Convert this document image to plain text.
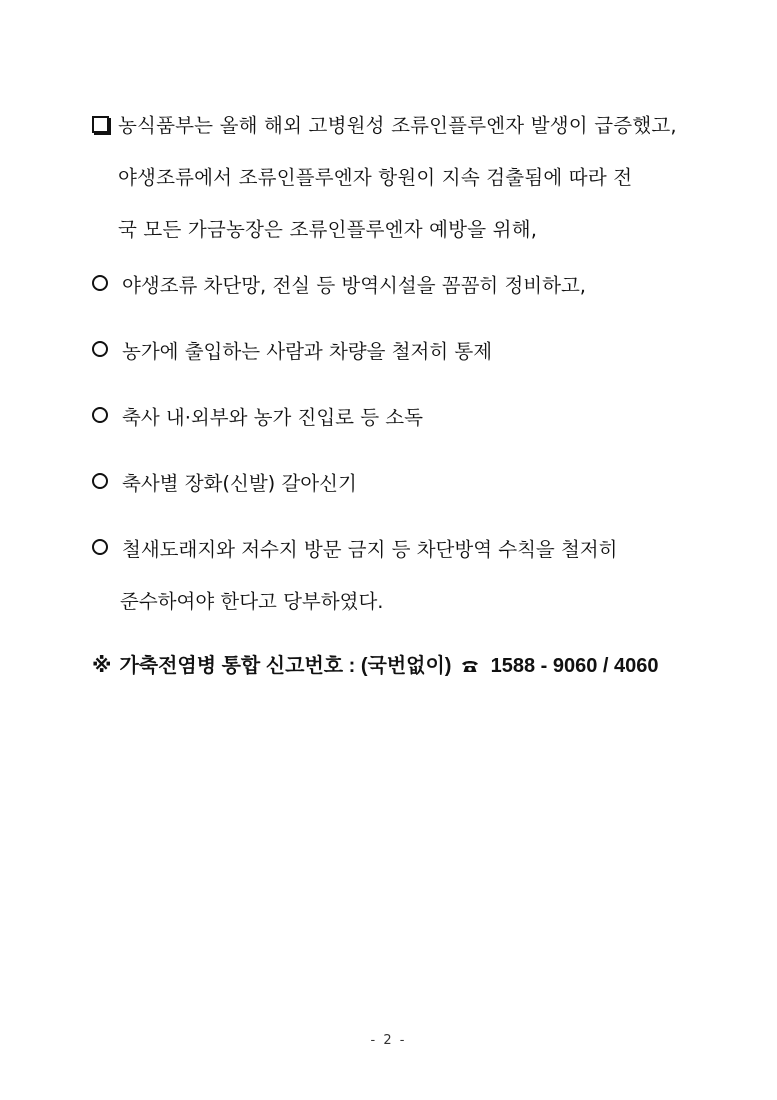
농식품부는 올해 해외 고병원성 조류인플루엔자 발생이 급증했고,
야생조류에서 조류인플루엔자 항원이 지속 검출됨에 따라 전
국 모든 가금농장은 조류인플루엔자 예방을 위해,
야생조류 차단망, 전실 등 방역시설을 꼼꼼히 정비하고,
농가에 출입하는 사람과 차량을 철저히 통제
축사 내·외부와 농가 진입로 등 소독
축사별 장화(신발) 갈아신기
철새도래지와 저수지 방문 금지 등 차단방역 수칙을 철저히
준수하여야 한다고 당부하였다.
※ 가축전염병 통합 신고번호 : (국번없이) 1588 - 9060 / 4060
- 2 -
